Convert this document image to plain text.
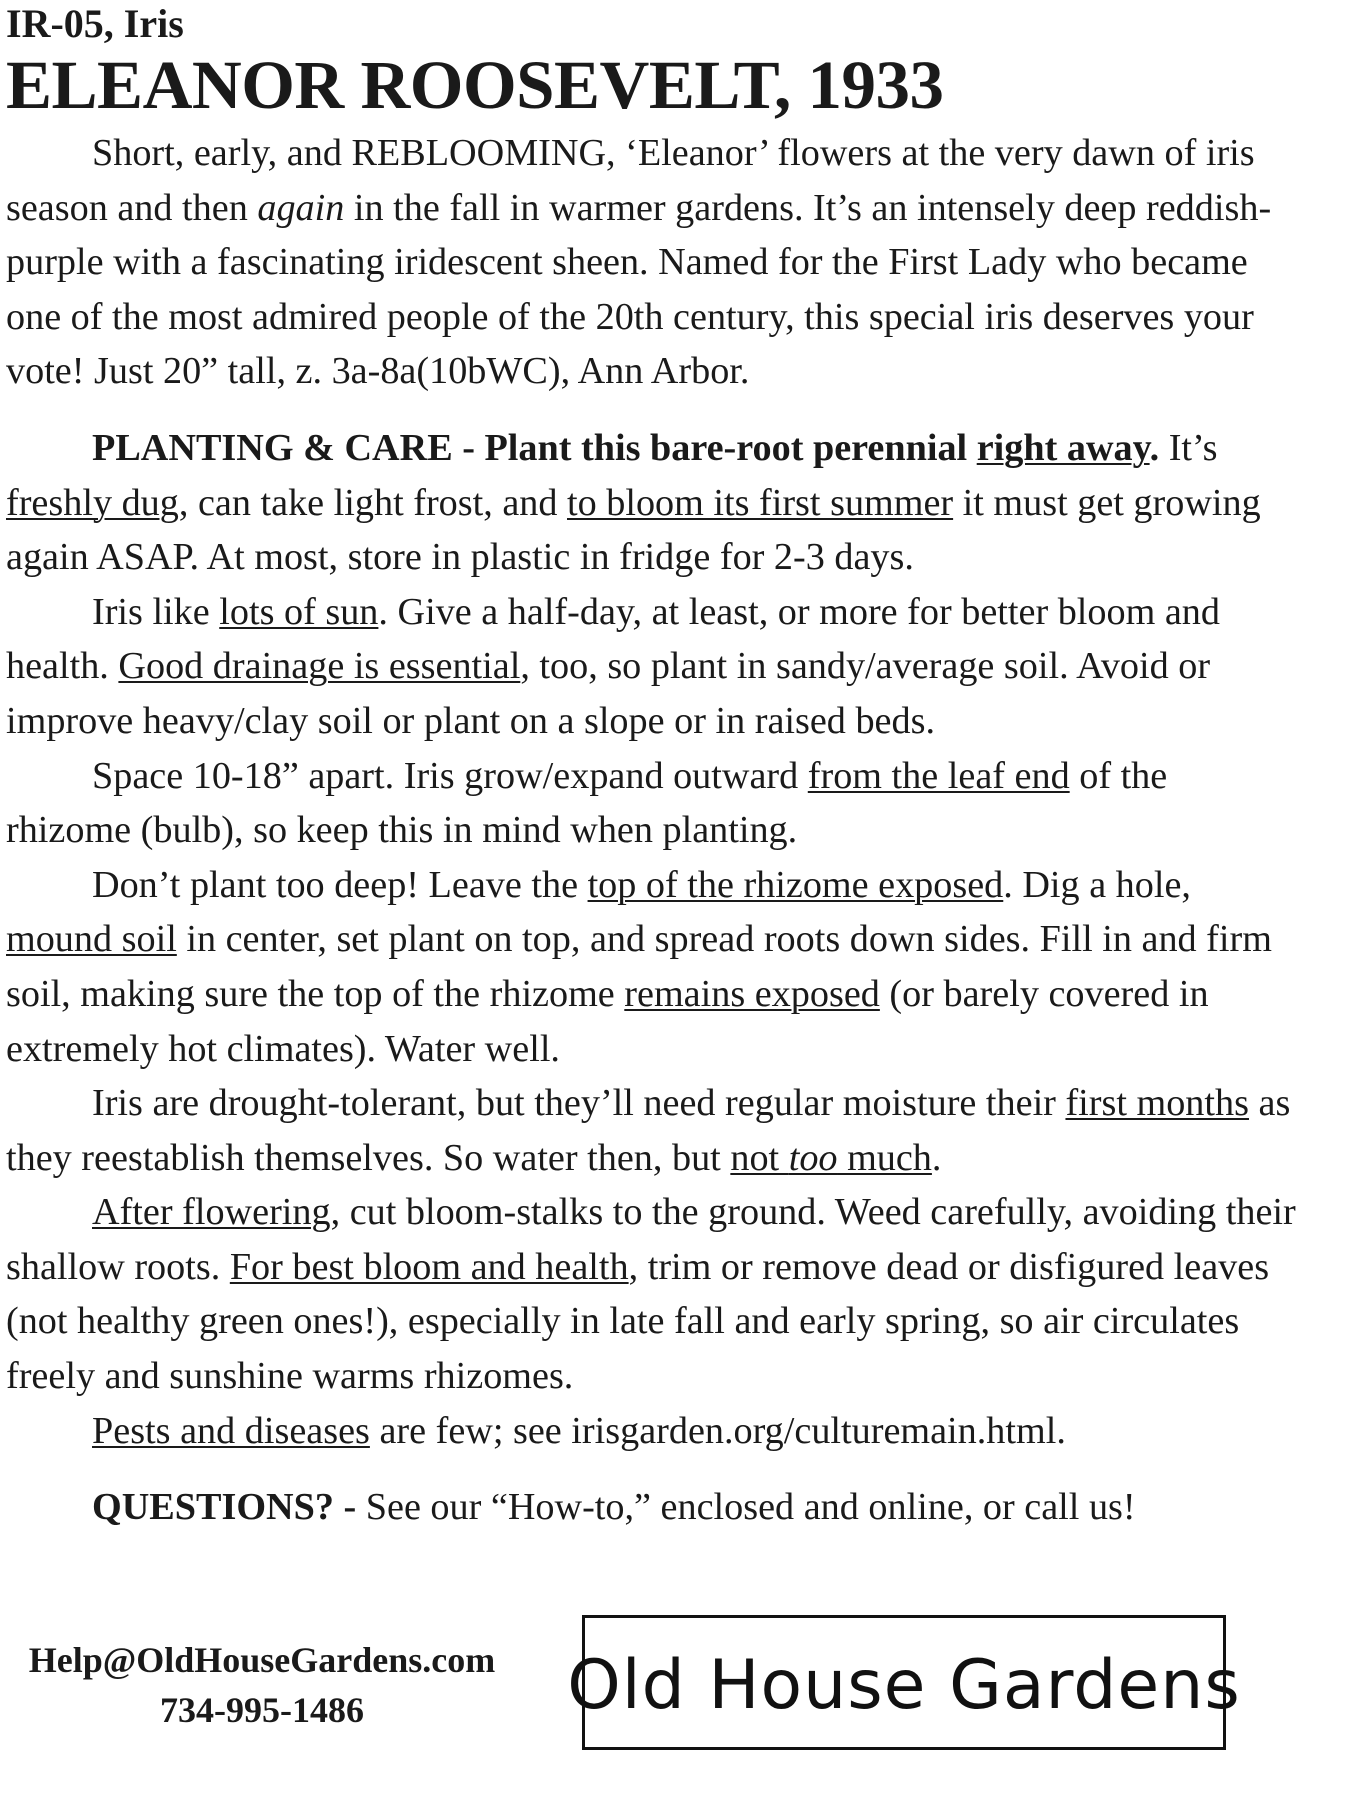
IR-05, Iris
ELEANOR ROOSEVELT, 1933

Short, early, and REBLOOMING, ‘Eleanor’ flowers at the very dawn of iris season and then again in the fall in warmer gardens. It’s an intensely deep reddish-purple with a fascinating iridescent sheen. Named for the First Lady who became one of the most admired people of the 20th century, this special iris deserves your vote! Just 20” tall, z. 3a-8a(10bWC), Ann Arbor.

PLANTING & CARE - Plant this bare-root perennial right away. It’s freshly dug, can take light frost, and to bloom its first summer it must get growing again ASAP. At most, store in plastic in fridge for 2-3 days.

Iris like lots of sun. Give a half-day, at least, or more for better bloom and health. Good drainage is essential, too, so plant in sandy/average soil. Avoid or improve heavy/clay soil or plant on a slope or in raised beds.

Space 10-18” apart. Iris grow/expand outward from the leaf end of the rhizome (bulb), so keep this in mind when planting.

Don’t plant too deep! Leave the top of the rhizome exposed. Dig a hole, mound soil in center, set plant on top, and spread roots down sides. Fill in and firm soil, making sure the top of the rhizome remains exposed (or barely covered in extremely hot climates). Water well.

Iris are drought-tolerant, but they’ll need regular moisture their first months as they reestablish themselves. So water then, but not too much.

After flowering, cut bloom-stalks to the ground. Weed carefully, avoiding their shallow roots. For best bloom and health, trim or remove dead or disfigured leaves (not healthy green ones!), especially in late fall and early spring, so air circulates freely and sunshine warms rhizomes.

Pests and diseases are few; see irisgarden.org/culturemain.html.

QUESTIONS? - See our “How-to,” enclosed and online, or call us!

Help@OldHouseGardens.com
734-995-1486	Old House Gardens
